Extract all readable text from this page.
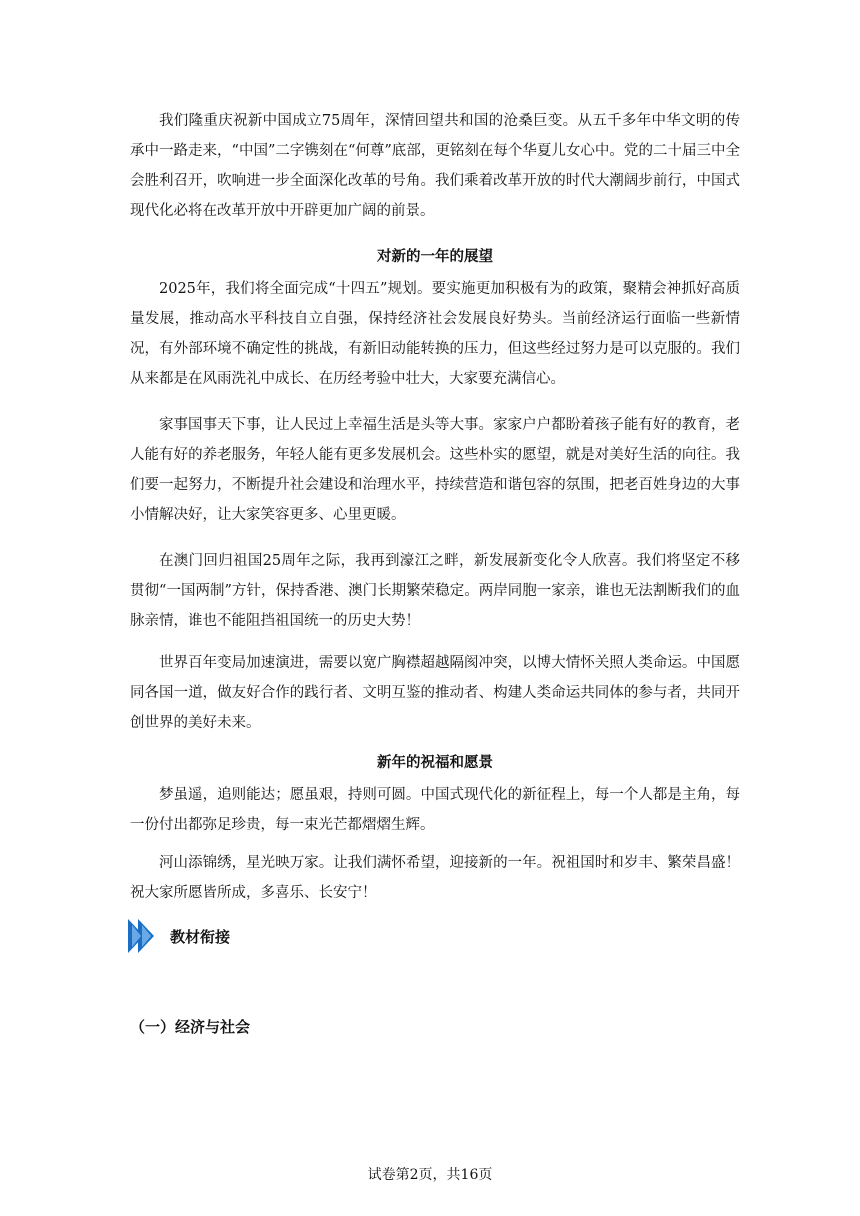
我们隆重庆祝新中国成立75周年，深情回望共和国的沧桑巨变。从五千多年中华文明的传承中一路走来，“中国”二字镌刻在“何尊”底部，更铭刻在每个华夏儿女心中。党的二十届三中全会胜利召开，吹响进一步全面深化改革的号角。我们乘着改革开放的时代大潮阔步前行，中国式现代化必将在改革开放中开辟更加广阔的前景。

对新的一年的展望

2025年，我们将全面完成“十四五”规划。要实施更加积极有为的政策，聚精会神抓好高质量发展，推动高水平科技自立自强，保持经济社会发展良好势头。当前经济运行面临一些新情况，有外部环境不确定性的挑战，有新旧动能转换的压力，但这些经过努力是可以克服的。我们从来都是在风雨洗礼中成长、在历经考验中壮大，大家要充满信心。

家事国事天下事，让人民过上幸福生活是头等大事。家家户户都盼着孩子能有好的教育，老人能有好的养老服务，年轻人能有更多发展机会。这些朴实的愿望，就是对美好生活的向往。我们要一起努力，不断提升社会建设和治理水平，持续营造和谐包容的氛围，把老百姓身边的大事小情解决好，让大家笑容更多、心里更暖。

在澳门回归祖国25周年之际，我再到濠江之畔，新发展新变化令人欣喜。我们将坚定不移贯彻“一国两制”方针，保持香港、澳门长期繁荣稳定。两岸同胞一家亲，谁也无法割断我们的血脉亲情，谁也不能阻挡祖国统一的历史大势！

世界百年变局加速演进，需要以宽广胸襟超越隔阂冲突，以博大情怀关照人类命运。中国愿同各国一道，做友好合作的践行者、文明互鉴的推动者、构建人类命运共同体的参与者，共同开创世界的美好未来。

新年的祝福和愿景

梦虽遥，追则能达；愿虽艰，持则可圆。中国式现代化的新征程上，每一个人都是主角，每一份付出都弥足珍贵，每一束光芒都熠熠生辉。

河山添锦绣，星光映万家。让我们满怀希望，迎接新的一年。祝祖国时和岁丰、繁荣昌盛！祝大家所愿皆所成，多喜乐、长安宁！

教材衔接
（一）经济与社会
试卷第2页，共16页
